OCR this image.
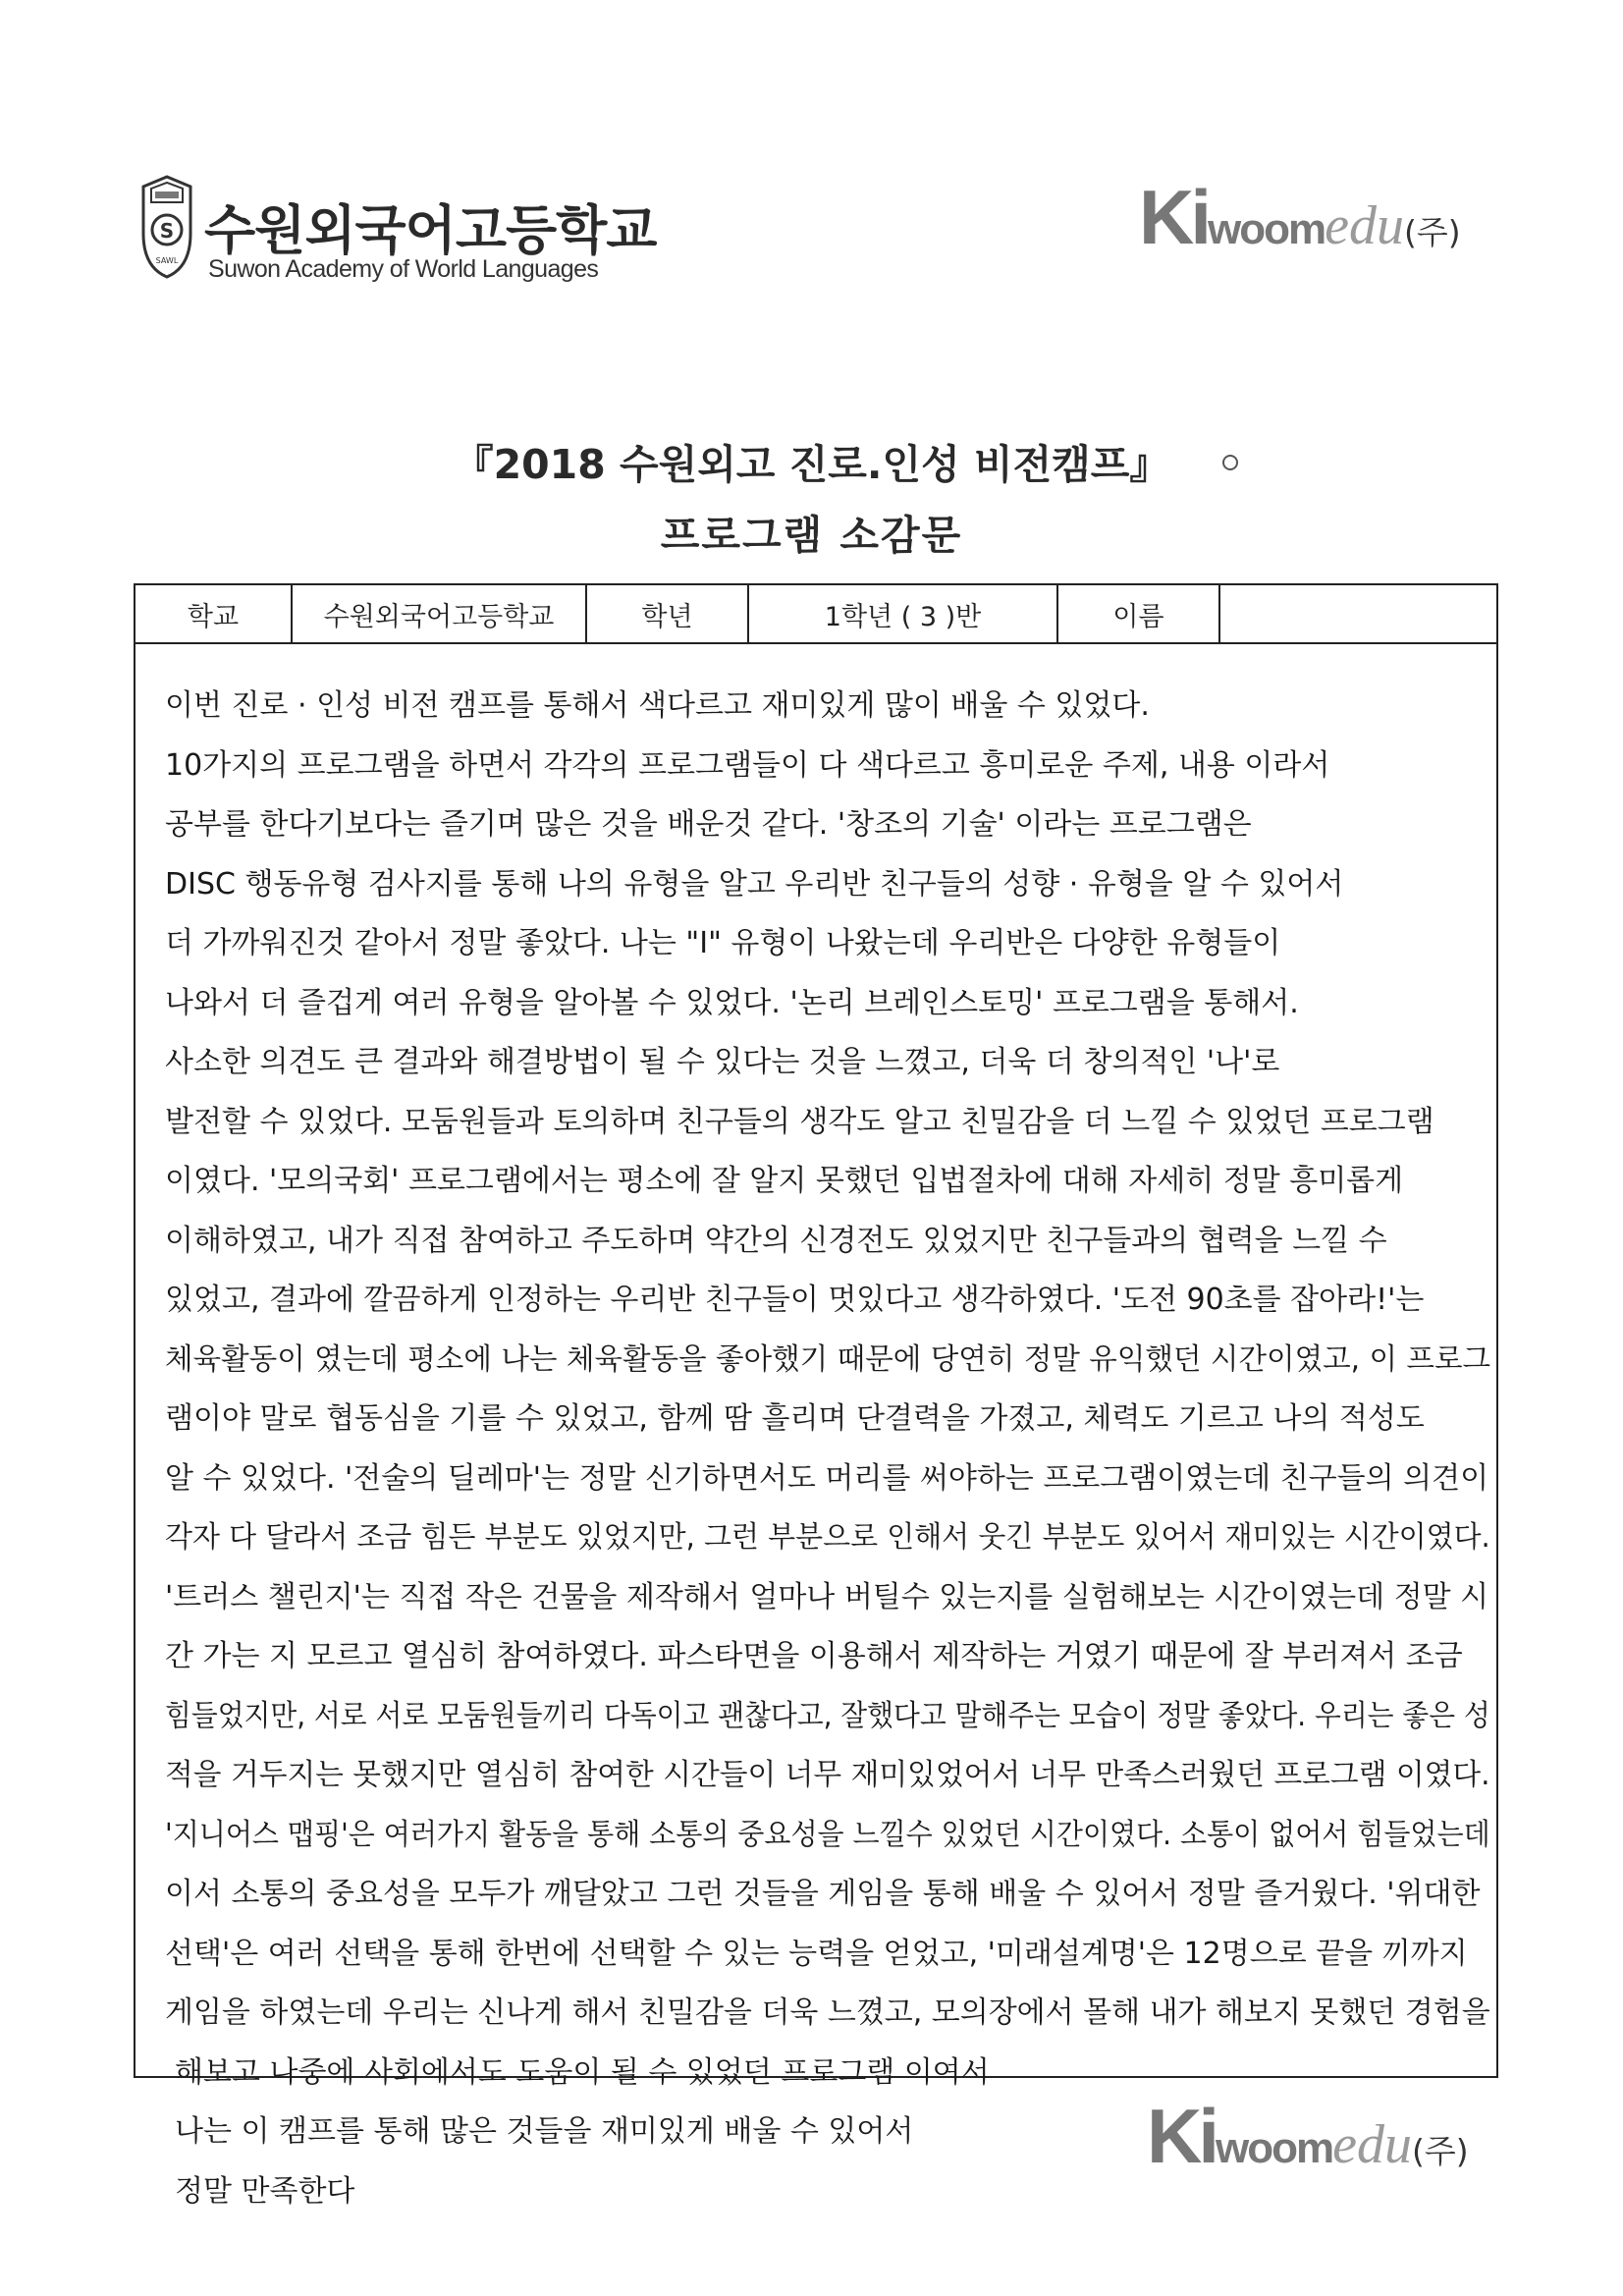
S
SAWL 수원외국어고등학교
Suwon Academy of World Languages
Kiwoomedu(주)
『2018 수원외고 진로.인성 비전캠프』
프로그램 소감문
학교	수원외국어고등학교	학년	1학년 ( 3 )반	이름
이번 진로 · 인성 비전 캠프를 통해서 색다르고 재미있게 많이 배울 수 있었다.
10가지의 프로그램을 하면서 각각의 프로그램들이 다 색다르고 흥미로운 주제, 내용 이라서
공부를 한다기보다는 즐기며 많은 것을 배운것 같다. '창조의 기술' 이라는 프로그램은
DISC 행동유형 검사지를 통해 나의 유형을 알고 우리반 친구들의 성향 · 유형을 알 수 있어서
더 가까워진것 같아서 정말 좋았다. 나는 "I" 유형이 나왔는데 우리반은 다양한 유형들이
나와서 더 즐겁게 여러 유형을 알아볼 수 있었다. '논리 브레인스토밍' 프로그램을 통해서.
사소한 의견도 큰 결과와 해결방법이 될 수 있다는 것을 느꼈고, 더욱 더 창의적인 '나'로
발전할 수 있었다. 모둠원들과 토의하며 친구들의 생각도 알고 친밀감을 더 느낄 수 있었던 프로그램
이였다. '모의국회' 프로그램에서는 평소에 잘 알지 못했던 입법절차에 대해 자세히 정말 흥미롭게
이해하였고, 내가 직접 참여하고 주도하며 약간의 신경전도 있었지만 친구들과의 협력을 느낄 수
있었고, 결과에 깔끔하게 인정하는 우리반 친구들이 멋있다고 생각하였다. '도전 90초를 잡아라!'는
체육활동이 였는데 평소에 나는 체육활동을 좋아했기 때문에 당연히 정말 유익했던 시간이였고, 이 프로그
램이야 말로 협동심을 기를 수 있었고, 함께 땀 흘리며 단결력을 가졌고, 체력도 기르고 나의 적성도
알 수 있었다. '전술의 딜레마'는 정말 신기하면서도 머리를 써야하는 프로그램이였는데 친구들의 의견이
각자 다 달라서 조금 힘든 부분도 있었지만, 그런 부분으로 인해서 웃긴 부분도 있어서 재미있는 시간이였다.
'트러스 챌린지'는 직접 작은 건물을 제작해서 얼마나 버틸수 있는지를 실험해보는 시간이였는데 정말 시
간 가는 지 모르고 열심히 참여하였다. 파스타면을 이용해서 제작하는 거였기 때문에 잘 부러져서 조금
힘들었지만, 서로 서로 모둠원들끼리 다독이고 괜찮다고, 잘했다고 말해주는 모습이 정말 좋았다. 우리는 좋은 성
적을 거두지는 못했지만 열심히 참여한 시간들이 너무 재미있었어서 너무 만족스러웠던 프로그램 이였다.
'지니어스 맵핑'은 여러가지 활동을 통해 소통의 중요성을 느낄수 있었던 시간이였다. 소통이 없어서 힘들었는데
이서 소통의 중요성을 모두가 깨달았고 그런 것들을 게임을 통해 배울 수 있어서 정말 즐거웠다. '위대한
선택'은 여러 선택을 통해 한번에 선택할 수 있는 능력을 얻었고, '미래설계명'은 12명으로 끝을 끼까지
게임을 하였는데 우리는 신나게 해서 친밀감을 더욱 느꼈고, 모의장에서 몰해 내가 해보지 못했던 경험을
해보고 나중에 사회에서도 도움이 될 수 있었던 프로그램 이여서
나는 이 캠프를 통해 많은 것들을 재미있게 배울 수 있어서
정말 만족한다
Kiwoomedu(주)
